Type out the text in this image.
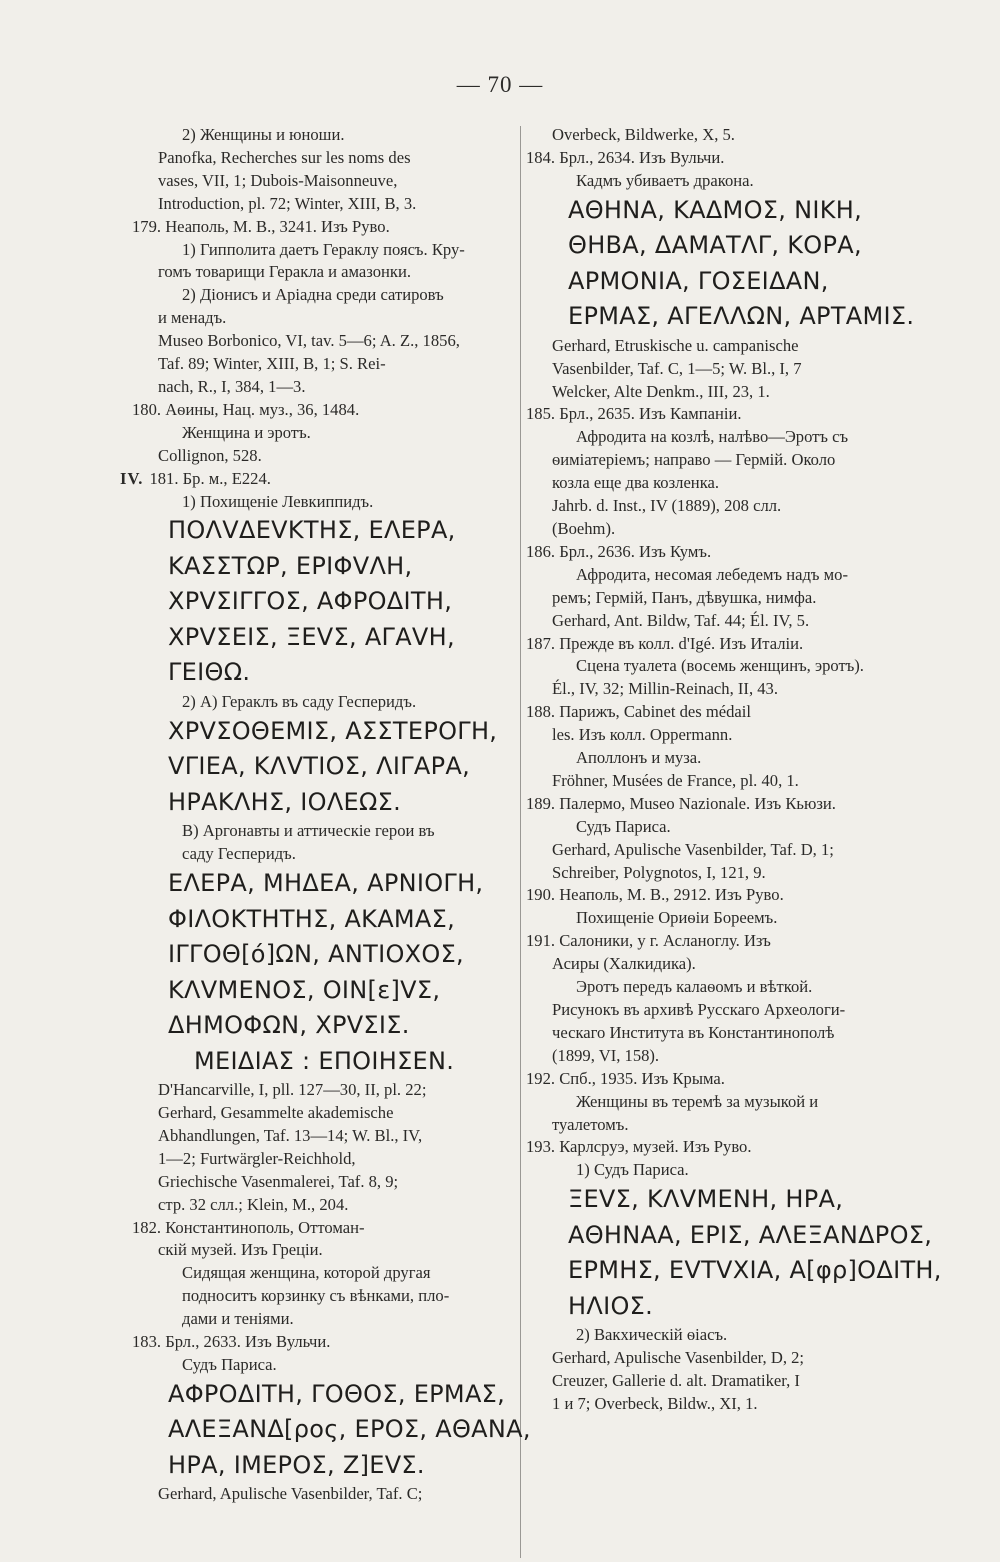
— 70 —
2) Женщины и юноши.
Panofka, Recherches sur les noms des
vases, VII, 1; Dubois-Maisonneuve,
Introduction, pl. 72; Winter, XIII, B, 3.
179. Неаполь, М. В., 3241. Изъ Руво.
1) Гипполита даетъ Гераклу поясъ. Кру-
гомъ товарищи Геракла и амазонки.
2) Діонисъ и Аріадна среди сатировъ
и менадъ.
Museo Borbonico, VI, tav. 5—6; A. Z., 1856,
Taf. 89; Winter, XIII, B, 1; S. Rei-
nach, R., I, 384, 1—3.
180. Аѳины, Нац. муз., 36, 1484.
Женщина и эротъ.
Collignon, 528.
IV. 181. Бр. м., E224.
1) Похищеніе Левкиппидъ.
ΠΟΛVΔΕVΚΤΗΣ, ΕΛΕΡΑ,
ΚΑΣΣΤΩΡ, ΕΡΙΦVΛΗ,
ΧΡVΣΙΓΓΟΣ, ΑΦΡΟΔΙΤΗ,
ΧΡVΣΕΙΣ, ΞΕVΣ, ΑΓΑVΗ,
ΓΕΙΘΩ.
2) А) Гераклъ въ саду Гесперидъ.
ΧΡVΣΟΘΕΜΙΣ, ΑΣΣΤΕΡΟΓΗ,
VΓΙΕΑ, ΚΛVΤΙΟΣ, ΛΙΓΑΡΑ,
ΗΡΑΚΛΗΣ, ΙΟΛΕΩΣ.
В) Аргонавты и аттическіе герои въ
саду Гесперидъ.
ΕΛΕΡΑ, ΜΗΔΕΑ, ΑΡΝΙΟΓΗ,
ΦΙΛΟΚΤΗΤΗΣ, ΑΚΑΜΑΣ,
ΙΓΓΟΘ[ό]ΩΝ, ΑΝΤΙΟΧΟΣ,
ΚΛVΜΕΝΟΣ, ΟΙΝ[ε]VΣ,
ΔΗΜΟΦΩΝ, ΧΡVΣΙΣ.
ΜΕΙΔΙΑΣ : ΕΠΟΙΗΣΕΝ.
D'Hancarville, I, pll. 127—30, II, pl. 22;
Gerhard, Gesammelte akademische
Abhandlungen, Taf. 13—14; W. Bl., IV,
1—2; Furtwärgler-Reichhold,
Griechische Vasenmalerei, Taf. 8, 9;
стр. 32 слл.; Klein, M., 204.
182. Константинополь, Оттоман-
скій музей. Изъ Греціи.
Сидящая женщина, которой другая
подноситъ корзинку съ вѣнками, пло-
дами и теніями.
183. Брл., 2633. Изъ Вульчи.
Судъ Париса.
ΑΦΡΟΔΙΤΗ, ΓΟΘΟΣ, ΕΡΜΑΣ,
ΑΛΕΞΑΝΔ[ρος, ΕΡΟΣ, ΑΘΑΝΑ,
ΗΡΑ, ΙΜΕΡΟΣ, Ζ]ΕVΣ.
Gerhard, Apulische Vasenbilder, Taf. C;
Overbeck, Bildwerke, X, 5.
184. Брл., 2634. Изъ Вульчи.
Кадмъ убиваетъ дракона.
ΑΘΗΝΑ, ΚΑΔΜΟΣ, ΝΙΚΗ,
ΘΗΒΑ, ΔΑΜΑΤΛΓ, ΚΟΡΑ,
ΑΡΜΟΝΙΑ, ΓΟΣΕΙΔΑΝ,
ΕΡΜΑΣ, ΑΓΕΛΛΩΝ, ΑΡΤΑΜΙΣ.
Gerhard, Etruskische u. campanische
Vasenbilder, Taf. C, 1—5; W. Bl., I, 7
Welcker, Alte Denkm., III, 23, 1.
185. Брл., 2635. Изъ Кампаніи.
Афродита на козлѣ, налѣво—Эротъ съ
ѳиміатеріемъ; направо — Гермій. Около
козла еще два козленка.
Jahrb. d. Inst., IV (1889), 208 слл.
(Boehm).
186. Брл., 2636. Изъ Кумъ.
Афродита, несомая лебедемъ надъ мо-
ремъ; Гермій, Панъ, дѣвушка, нимфа.
Gerhard, Ant. Bildw, Taf. 44; Él. IV, 5.
187. Прежде въ колл. d'Igé. Изъ Италіи.
Сцена туалета (восемь женщинъ, эротъ).
Él., IV, 32; Millin-Reinach, II, 43.
188. Парижъ, Cabinet des médail
les. Изъ колл. Oppermann.
Аполлонъ и муза.
Fröhner, Musées de France, pl. 40, 1.
189. Палермо, Museo Nazionale. Изъ Кьюзи.
Судъ Париса.
Gerhard, Apulische Vasenbilder, Taf. D, 1;
Schreiber, Polygnotos, I, 121, 9.
190. Неаполь, М. В., 2912. Изъ Руво.
Похищеніе Ориѳіи Бореемъ.
191. Салоники, у г. Асланоглу. Изъ
Асиры (Халкидика).
Эротъ передъ калаѳомъ и вѣткой.
Рисунокъ въ архивѣ Русскаго Археологи-
ческаго Института въ Константинополѣ
(1899, VI, 158).
192. Спб., 1935. Изъ Крыма.
Женщины въ теремѣ за музыкой и
туалетомъ.
193. Карлсруэ, музей. Изъ Руво.
1) Судъ Париса.
ΞΕVΣ, ΚΛVΜΕΝΗ, ΗΡΑ,
ΑΘΗΝΑΑ, ΕΡΙΣ, ΑΛΕΞΑΝΔΡΟΣ,
ΕΡΜΗΣ, ΕVΤVΧΙΑ, Α[φρ]ΟΔΙΤΗ,
ΗΛΙΟΣ.
2) Вакхическій ѳіасъ.
Gerhard, Apulische Vasenbilder, D, 2;
Creuzer, Gallerie d. alt. Dramatiker, I
1 и 7; Overbeck, Bildw., XI, 1.
